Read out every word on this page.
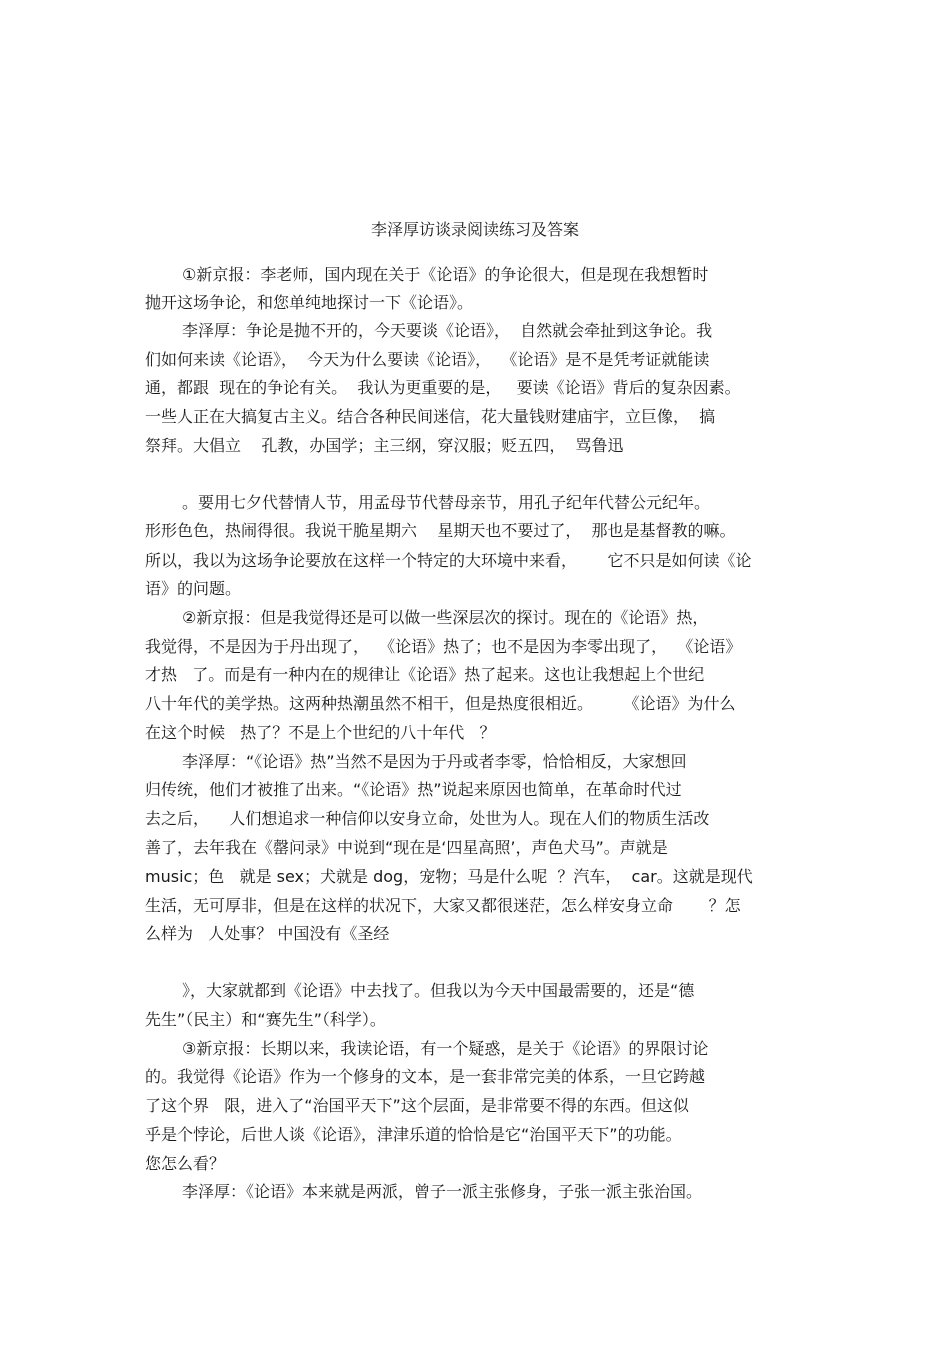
李泽厚访谈录阅读练习及答案
①新京报：李老师，国内现在关于《论语》的争论很大，但是现在我想暂时
抛开这场争论，和您单纯地探讨一下《论语》。
李泽厚：争论是抛不开的，今天要谈《论语》，  自然就会牵扯到这争论。我
们如何来读《论语》，  今天为什么要读《论语》，  《论语》是不是凭考证就能读
通，都跟  现在的争论有关。  我认为更重要的是，   要读《论语》背后的复杂因素。
一些人正在大搞复古主义。结合各种民间迷信，花大量钱财建庙宇，立巨像，  搞
祭拜。大倡立    孔教，办国学；主三纲，穿汉服；贬五四，  骂鲁迅
。要用七夕代替情人节，用孟母节代替母亲节，用孔子纪年代替公元纪年。
形形色色，热闹得很。我说干脆星期六    星期天也不要过了，  那也是基督教的嘛。
所以，我以为这场争论要放在这样一个特定的大环境中来看，      它不只是如何读《论
语》的问题。
②新京报：但是我觉得还是可以做一些深层次的探讨。现在的《论语》热，
我觉得，不是因为于丹出现了，  《论语》热了；也不是因为李零出现了，  《论语》
才热   了。而是有一种内在的规律让《论语》热了起来。这也让我想起上个世纪
八十年代的美学热。这两种热潮虽然不相干，但是热度很相近。      《论语》为什么
在这个时候   热了？不是上个世纪的八十年代   ？
李泽厚：“《论语》热”当然不是因为于丹或者李零，恰恰相反，大家想回
归传统，他们才被推了出来。“《论语》热”说起来原因也简单，在革命时代过
去之后，    人们想追求一种信仰以安身立命，处世为人。现在人们的物质生活改
善了，去年我在《罄问录》中说到“现在是‘四星高照’，声色犬马”。声就是
music；色   就是 sex；犬就是 dog，宠物；马是什么呢  ？汽车，  car。这就是现代
生活，无可厚非，但是在这样的状况下，大家又都很迷茫，怎么样安身立命       ？怎
么样为   人处事？ 中国没有《圣经
》，大家就都到《论语》中去找了。但我以为今天中国最需要的，还是“德
先生”（民主）和“赛先生”（科学）。
③新京报：长期以来，我读论语，有一个疑惑，是关于《论语》的界限讨论
的。我觉得《论语》作为一个修身的文本，是一套非常完美的体系，一旦它跨越
了这个界   限，进入了“治国平天下”这个层面，是非常要不得的东西。但这似
乎是个悖论，后世人谈《论语》，津津乐道的恰恰是它“治国平天下”的功能。
您怎么看？
李泽厚：《论语》本来就是两派，曾子一派主张修身，子张一派主张治国。
